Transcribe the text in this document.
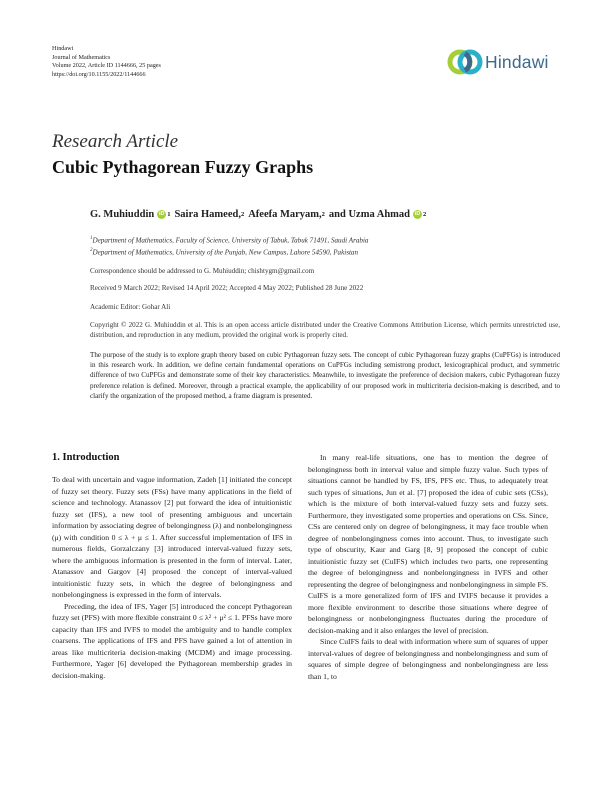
Hindawi
Journal of Mathematics
Volume 2022, Article ID 1144666, 25 pages
https://doi.org/10.1155/2022/1144666
Hindawi
Research Article
Cubic Pythagorean Fuzzy Graphs
G. Muhiuddin iD 1 Saira Hameed, 2 Afeefa Maryam, 2 and Uzma Ahmad iD 2
$^1$Department of Mathematics, Faculty of Science, University of Tabuk, Tabuk 71491, Saudi Arabia
$^2$Department of Mathematics, University of the Punjab, New Campus, Lahore 54590, Pakistan
Correspondence should be addressed to G. Muhiuddin; chishtygm@gmail.com
Received 9 March 2022; Revised 14 April 2022; Accepted 4 May 2022; Published 28 June 2022
Academic Editor: Gohar Ali
Copyright © 2022 G. Muhiuddin et al. This is an open access article distributed under the Creative Commons Attribution License, which permits unrestricted use, distribution, and reproduction in any medium, provided the original work is properly cited.
The purpose of the study is to explore graph theory based on cubic Pythagorean fuzzy sets. The concept of cubic Pythagorean fuzzy graphs (CuPFGs) is introduced in this research work. In addition, we define certain fundamental operations on CuPFGs including semistrong product, lexicographical product, and symmetric difference of two CuPFGs and demonstrate some of their key characteristics. Meanwhile, to investigate the preference of decision makers, cubic Pythagorean fuzzy preference relation is defined. Moreover, through a practical example, the applicability of our proposed work in multicriteria decision-making is described, and to clarify the organization of the proposed method, a frame diagram is presented.
1. Introduction

To deal with uncertain and vague information, Zadeh [1] initiated the concept of fuzzy set theory. Fuzzy sets (FSs) have many applications in the field of science and technology. Atanassov [2] put forward the idea of intuitionistic fuzzy set (IFS), a new tool of presenting ambiguous and uncertain information by associating degree of belongingness (λ) and nonbelongingness (μ) with condition 0 ≤ λ + μ ≤ 1. After successful implementation of IFS in numerous fields, Gorzalczany [3] introduced interval-valued fuzzy sets, where the ambiguous information is presented in the form of interval. Later, Atanassov and Gargov [4] proposed the concept of interval-valued intuitionistic fuzzy sets, in which the degree of belongingness and nonbelongingness is expressed in the form of intervals.

Preceding, the idea of IFS, Yager [5] introduced the concept Pythagorean fuzzy set (PFS) with more flexible constraint 0 ≤ λ² + μ² ≤ 1. PFSs have more capacity than IFS and IVFS to model the ambiguity and to handle complex coarsens. The applications of IFS and PFS have gained a lot of attention in areas like multicriteria decision-making (MCDM) and image processing. Furthermore, Yager [6] developed the Pythagorean membership grades in decision-making.

In many real-life situations, one has to mention the degree of belongingness both in interval value and simple fuzzy value. Such types of situations cannot be handled by FS, IFS, PFS etc. Thus, to adequately treat such types of situations, Jun et al. [7] proposed the idea of cubic sets (CSs), which is the mixture of both interval-valued fuzzy sets and fuzzy sets. Furthermore, they investigated some properties and operations on CSs. Since, CSs are centered only on degree of belongingness, it may face trouble when degree of nonbelongingness comes into account. Thus, to investigate such type of obscurity, Kaur and Garg [8, 9] proposed the concept of cubic intuitionistic fuzzy set (CuIFS) which includes two parts, one representing the degree of belongingness and nonbelongingness in IVFS and other representing the degree of belongingness and nonbelongingness in simple FS. CuIFS is a more generalized form of IFS and IVIFS because it provides a more flexible environment to describe those situations where degree of belongingness or nonbelongingness fluctuates during the procedure of decision-making and it also enlarges the level of precision.

Since CuIFS fails to deal with information where sum of squares of upper interval-values of degree of belongingness and nonbelongingness and sum of squares of simple degree of belongingness and nonbelongingness are less than 1, to
